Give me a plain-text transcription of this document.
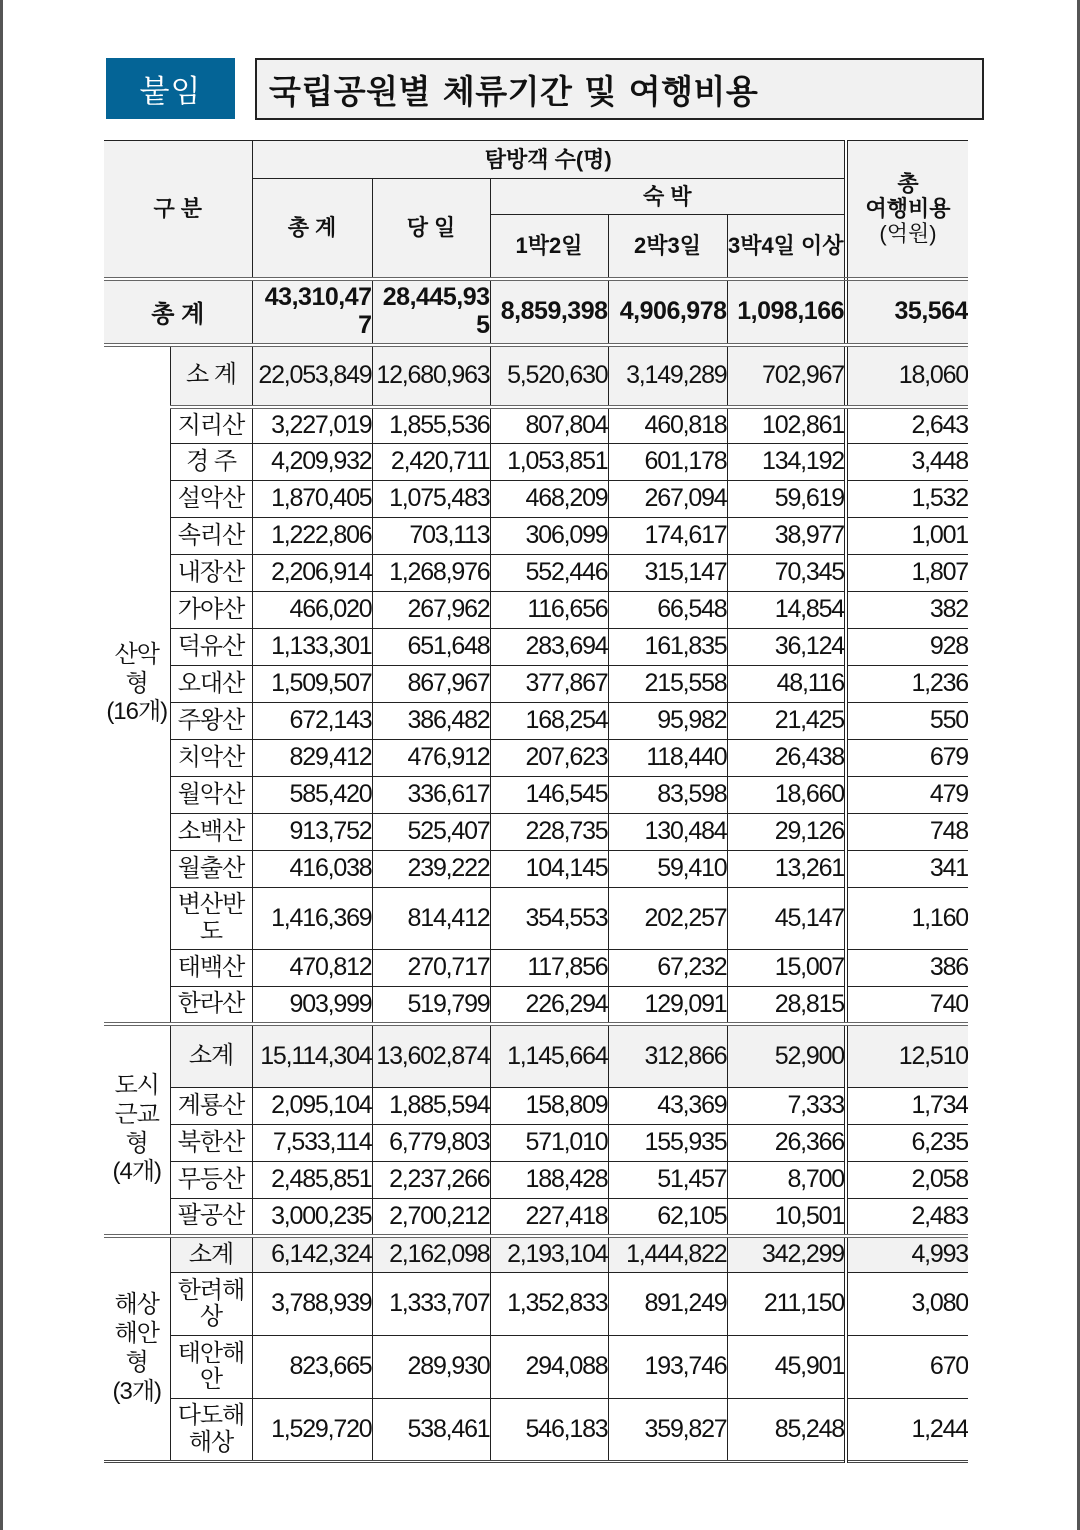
붙임 국립공원별 체류기간 및 여행비용
구 분		탐방객 수(명)					총
여행비용
(억원)

		총 계	당 일	숙 박			
				1박2일	2박3일	3박4일 이상	
총 계		43,310,477	28,445,935	8,859,398	4,906,978	1,098,166	35,564

산악
형
(16개)	소 계	22,053,849	12,680,963	5,520,630	3,149,289	702,967	18,060
	지리산	3,227,019	1,855,536	807,804	460,818	102,861	2,643
	경 주	4,209,932	2,420,711	1,053,851	601,178	134,192	3,448
	설악산	1,870,405	1,075,483	468,209	267,094	59,619	1,532
	속리산	1,222,806	703,113	306,099	174,617	38,977	1,001
	내장산	2,206,914	1,268,976	552,446	315,147	70,345	1,807
	가야산	466,020	267,962	116,656	66,548	14,854	382
	덕유산	1,133,301	651,648	283,694	161,835	36,124	928
	오대산	1,509,507	867,967	377,867	215,558	48,116	1,236
	주왕산	672,143	386,482	168,254	95,982	21,425	550
	치악산	829,412	476,912	207,623	118,440	26,438	679
	월악산	585,420	336,617	146,545	83,598	18,660	479
	소백산	913,752	525,407	228,735	130,484	29,126	748
	월출산	416,038	239,222	104,145	59,410	13,261	341
	변산반도	1,416,369	814,412	354,553	202,257	45,147	1,160
	태백산	470,812	270,717	117,856	67,232	15,007	386
	한라산	903,999	519,799	226,294	129,091	28,815	740

도시
근교
형
(4개)	소계	15,114,304	13,602,874	1,145,664	312,866	52,900	12,510
	계룡산	2,095,104	1,885,594	158,809	43,369	7,333	1,734
	북한산	7,533,114	6,779,803	571,010	155,935	26,366	6,235
	무등산	2,485,851	2,237,266	188,428	51,457	8,700	2,058
	팔공산	3,000,235	2,700,212	227,418	62,105	10,501	2,483

해상
해안
형
(3개)	소계	6,142,324	2,162,098	2,193,104	1,444,822	342,299	4,993
	한려해상	3,788,939	1,333,707	1,352,833	891,249	211,150	3,080
	태안해안	823,665	289,930	294,088	193,746	45,901	670
	다도해해상	1,529,720	538,461	546,183	359,827	85,248	1,244
